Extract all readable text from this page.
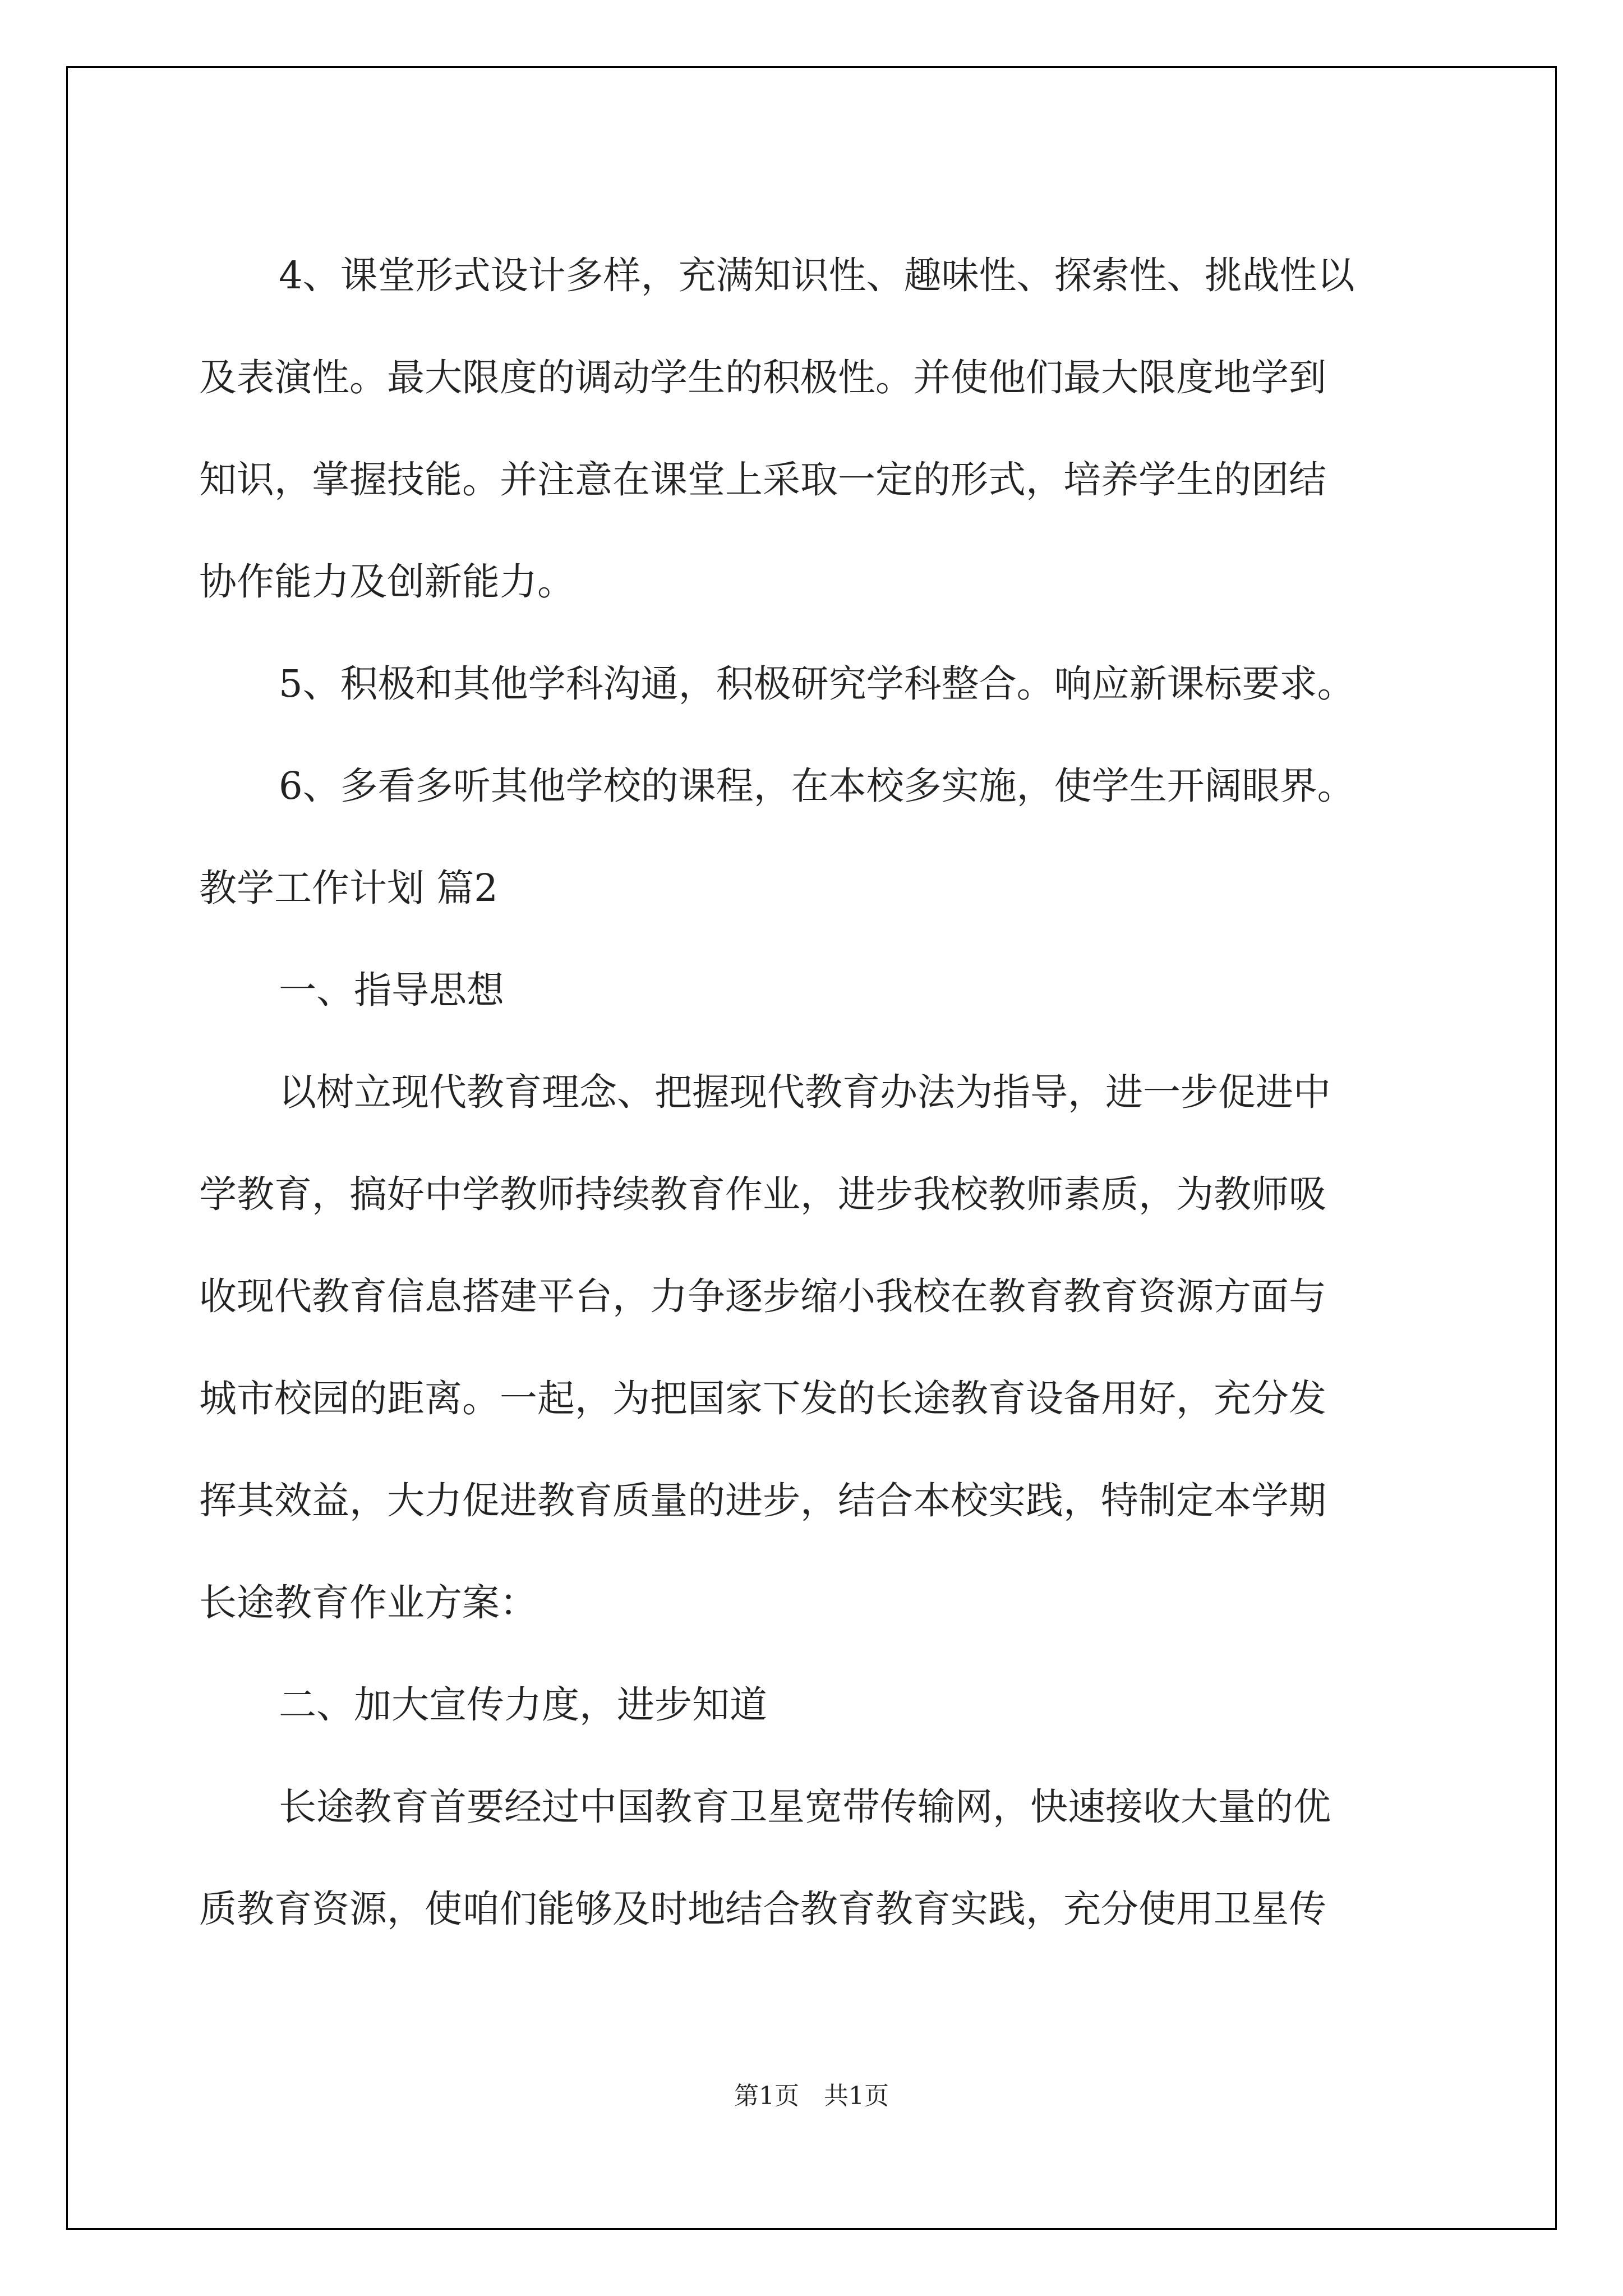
4、课堂形式设计多样，充满知识性、趣味性、探索性、挑战性以
及表演性。最大限度的调动学生的积极性。并使他们最大限度地学到
知识，掌握技能。并注意在课堂上采取一定的形式，培养学生的团结
协作能力及创新能力。
5、积极和其他学科沟通，积极研究学科整合。响应新课标要求。
6、多看多听其他学校的课程，在本校多实施，使学生开阔眼界。
教学工作计划 篇2
一、指导思想
以树立现代教育理念、把握现代教育办法为指导，进一步促进中
学教育，搞好中学教师持续教育作业，进步我校教师素质，为教师吸
收现代教育信息搭建平台，力争逐步缩小我校在教育教育资源方面与
城市校园的距离。一起，为把国家下发的长途教育设备用好，充分发
挥其效益，大力促进教育质量的进步，结合本校实践，特制定本学期
长途教育作业方案：
二、加大宣传力度，进步知道
长途教育首要经过中国教育卫星宽带传输网，快速接收大量的优
质教育资源，使咱们能够及时地结合教育教育实践，充分使用卫星传
第1页　共1页
